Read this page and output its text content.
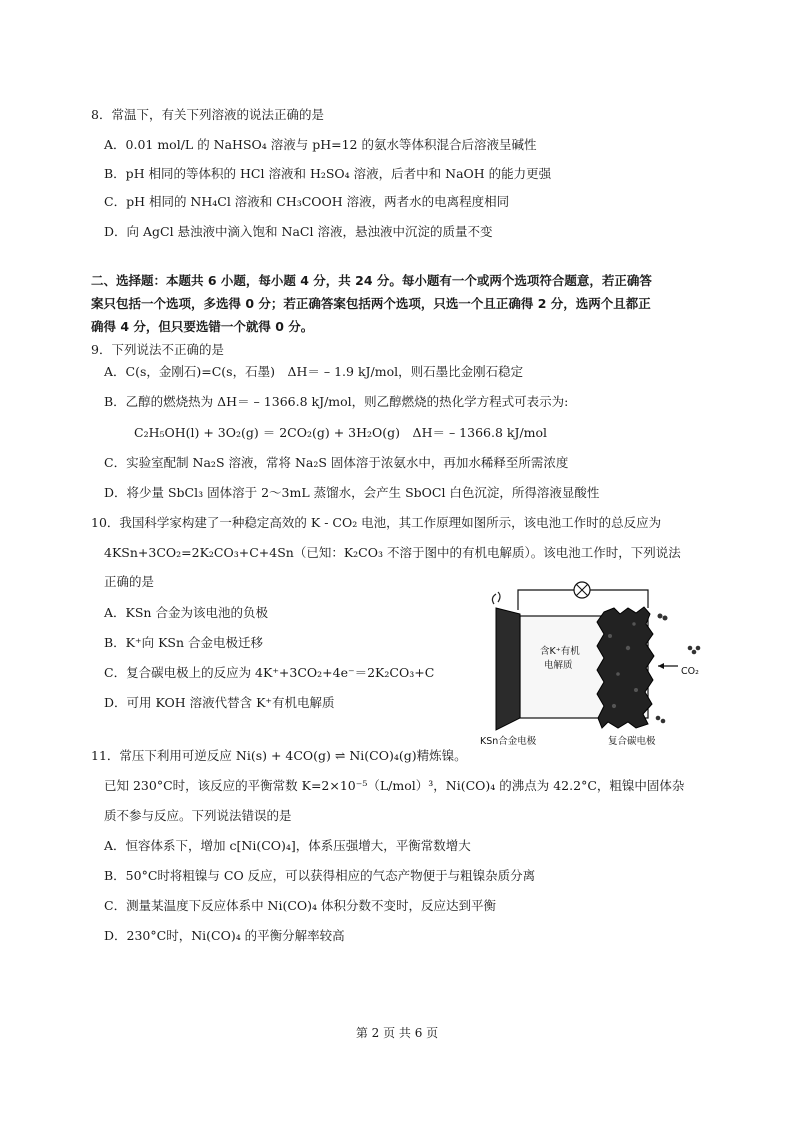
8．常温下，有关下列溶液的说法正确的是
A．0.01 mol/L 的 NaHSO₄ 溶液与 pH=12 的氨水等体积混合后溶液呈碱性
B．pH 相同的等体积的 HCl 溶液和 H₂SO₄ 溶液，后者中和 NaOH 的能力更强
C．pH 相同的 NH₄Cl 溶液和 CH₃COOH 溶液，两者水的电离程度相同
D．向 AgCl 悬浊液中滴入饱和 NaCl 溶液，悬浊液中沉淀的质量不变
二、选择题：本题共 6 小题，每小题 4 分，共 24 分。每小题有一个或两个选项符合题意，若正确答
案只包括一个选项，多选得 0 分；若正确答案包括两个选项，只选一个且正确得 2 分，选两个且都正
确得 4 分，但只要选错一个就得 0 分。
9．下列说法不正确的是
A．C(s，金刚石)=C(s，石墨)　ΔH＝ – 1.9 kJ/mol，则石墨比金刚石稳定
B．乙醇的燃烧热为 ΔH＝ – 1366.8 kJ/mol，则乙醇燃烧的热化学方程式可表示为:
C₂H₅OH(l) + 3O₂(g) ＝ 2CO₂(g) + 3H₂O(g)　ΔH＝ – 1366.8 kJ/mol
C．实验室配制 Na₂S 溶液，常将 Na₂S 固体溶于浓氨水中，再加水稀释至所需浓度
D．将少量 SbCl₃ 固体溶于 2～3mL 蒸馏水，会产生 SbOCl 白色沉淀，所得溶液显酸性
10．我国科学家构建了一种稳定高效的 K - CO₂ 电池，其工作原理如图所示，该电池工作时的总反应为
4KSn+3CO₂=2K₂CO₃+C+4Sn（已知：K₂CO₃ 不溶于图中的有机电解质）。该电池工作时，下列说法
正确的是
A．KSn 合金为该电池的负极
B．K⁺向 KSn 合金电极迁移
C．复合碳电极上的反应为 4K⁺+3CO₂+4e⁻＝2K₂CO₃+C
D．可用 KOH 溶液代替含 K⁺有机电解质
含K⁺有机
电解质
CO₂
KSn合金电极	复合碳电极
11．常压下利用可逆反应 Ni(s) + 4CO(g) ⇌ Ni(CO)₄(g)精炼镍。
已知 230°C时，该反应的平衡常数 K=2×10⁻⁵（L/mol）³，Ni(CO)₄ 的沸点为 42.2°C，粗镍中固体杂
质不参与反应。下列说法错误的是
A．恒容体系下，增加 c[Ni(CO)₄]，体系压强增大，平衡常数增大
B．50°C时将粗镍与 CO 反应，可以获得相应的气态产物便于与粗镍杂质分离
C．测量某温度下反应体系中 Ni(CO)₄ 体积分数不变时，反应达到平衡
D．230°C时，Ni(CO)₄ 的平衡分解率较高
第 2 页 共 6 页
